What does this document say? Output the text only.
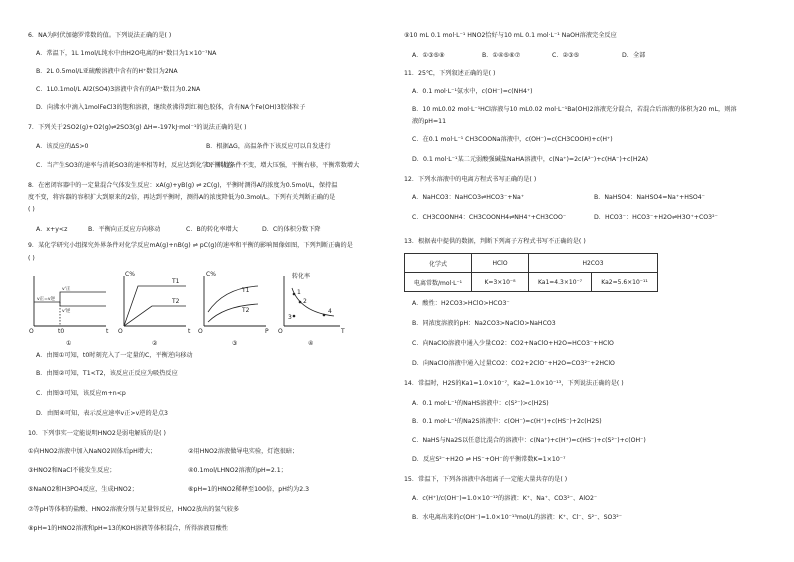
6．NA为阿伏加德罗常数的值。下列说法正确的是( )
A．常温下，1L 1mol/L纯水中由H2O电离的H⁺数目为1×10⁻⁷NA
B．2L 0.5mol/L亚硫酸溶液中含有的H⁺数目为2NA
C．1L0.1mol/L Al2(SO4)3溶液中含有的Al³⁺数目为0.2NA
D．向沸水中滴入1molFeCl3的饱和溶液，继续煮沸得到红褐色胶体，含有NA个Fe(OH)3胶体粒子
7．下列关于2SO2(g)+O2(g)⇌2SO3(g) ΔH=-197kJ·mol⁻¹的说法正确的是( )
A．该反应的ΔS>0	B．根据ΔG，高温条件下该反应可以自发进行
C．当产生SO3的速率与消耗SO3的速率相等时，反应达到化学平衡状态
D．其他条件不变，增大压强，平衡右移，平衡常数增大
8．在密闭容器中的一定量混合气体发生反应：xA(g)+yB(g) ⇌ zC(g)，平衡时测得A的浓度为0.5mol/L，保持温
度不变，将容器的容积扩大到原来的2倍，再达到平衡时，测得A的浓度降低为0.3mol/L。下列有关判断正确的是
( )
A．x+y<z	B．平衡向正反应方向移动	C．B的转化率增大	D．C的体积分数下降
9．某化学研究小组探究外界条件对化学反应mA(g)+nB(g) ⇌ pC(g)的速率和平衡的影响图像如图，下列判断正确的是
( )
v正=v逆
v'正
v'逆
t0
O	t
①
C%
T1
T2
O	t
②
C%
T1
T2
O	P
③
转化率
1
2
3
4
O	T
④
A．由图①可知，t0时刻充入了一定量的C，平衡逆向移动
B．由图②可知，T1<T2，该反应正反应为吸热反应
C．由图③可知，该反应m+n<p
D．由图④可知，表示反应速率v正>v逆的是点3
10．下列事实一定能说明HNO2是弱电解质的是( )
①向HNO2溶液中加入NaNO2固体后pH增大；	②用HNO2溶液做导电实验，灯泡很暗；
③HNO2和NaCl不能发生反应；	④0.1mol/LHNO2溶液的pH=2.1；
⑤NaNO2和H3PO4反应，生成HNO2；	⑥pH=1的HNO2稀释至100倍，pH约为2.3
⑦等pH等体积的盐酸、HNO2溶液分别与足量锌反应，HNO2放出的氢气较多
⑧pH=1的HNO2溶液和pH=13的KOH溶液等体积混合，所得溶液显酸性
⑨10 mL 0.1 mol·L⁻¹ HNO2恰好与10 mL 0.1 mol·L⁻¹ NaOH溶液完全反应
A．①③⑤⑧	B．①④⑤⑥⑦	C．②③⑤	D．全部
11．25℃，下列叙述正确的是( )
A．0.1 mol·L⁻¹氨水中，c(OH⁻)=c(NH4⁺)
B．10 mL0.02 mol·L⁻¹HCl溶液与10 mL0.02 mol·L⁻¹Ba(OH)2溶液充分混合，若混合后溶液的体积为20 mL，则溶
液的pH=11
C．在0.1 mol·L⁻¹ CH3COONa溶液中，c(OH⁻)=c(CH3COOH)+c(H⁺)
D．0.1 mol·L⁻¹某二元弱酸强碱盐NaHA溶液中，c(Na⁺)=2c(A²⁻)+c(HA⁻)+c(H2A)
12．下列水溶液中的电离方程式书写正确的是( )
A．NaHCO3：NaHCO3⇌HCO3⁻+Na⁺	B．NaHSO4：NaHSO4=Na⁺+HSO4⁻
C．CH3COONH4：CH3COONH4⇌NH4⁺+CH3COO⁻	D．HCO3⁻：HCO3⁻+H2O⇌H3O⁺+CO3²⁻
13．根据表中提供的数据，判断下列离子方程式书写不正确的是( )
化学式	HClO	H2CO3	
电离常数/mol·L⁻¹	K=3×10⁻⁸	Ka1=4.3×10⁻⁷	Ka2=5.6×10⁻¹¹
A．酸性：H2CO3>HClO>HCO3⁻
B．同浓度溶液的pH：Na2CO3>NaClO>NaHCO3
C．向NaClO溶液中通入少量CO2：CO2+NaClO+H2O=HCO3⁻+HClO
D．向NaClO溶液中通入过量CO2：CO2+2ClO⁻+H2O=CO3²⁻+2HClO
14．常温时，H2S的Ka1=1.0×10⁻⁷，Ka2=1.0×10⁻¹³，下列说法正确的是( )
A．0.1 mol·L⁻¹的NaHS溶液中：c(S²⁻)>c(H2S)
B．0.1 mol·L⁻¹的Na2S溶液中：c(OH⁻)=c(H⁺)+c(HS⁻)+2c(H2S)
C．NaHS与Na2S以任意比混合的溶液中：c(Na⁺)+c(H⁺)=c(HS⁻)+c(S²⁻)+c(OH⁻)
D．反应S²⁻+H2O ⇌ HS⁻+OH⁻的平衡常数K=1×10⁻⁷
15．常温下，下列各溶液中各组离子一定能大量共存的是( )
A．c(H⁺)/c(OH⁻)=1.0×10⁻¹²的溶液：K⁺、Na⁺、CO3²⁻、AlO2⁻
B．水电离出来的c(OH⁻)=1.0×10⁻¹³mol/L的溶液：K⁺、Cl⁻、S²⁻、SO3²⁻
